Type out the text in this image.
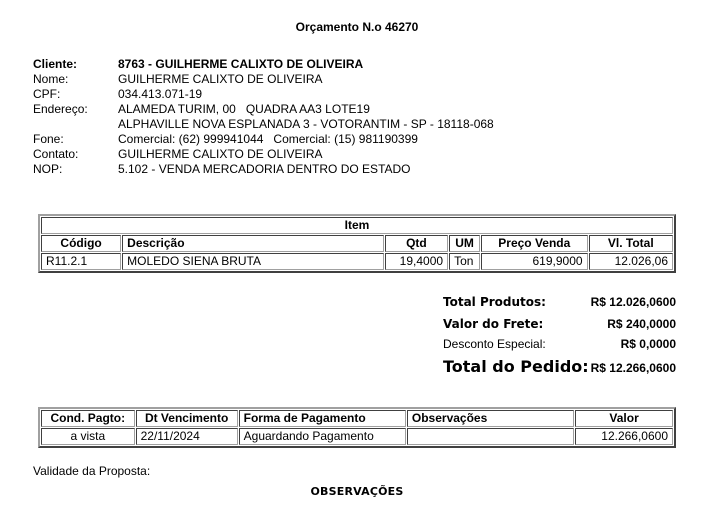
Orçamento N.o 46270
Cliente:	8763 - GUILHERME CALIXTO DE OLIVEIRA
Nome:	GUILHERME CALIXTO DE OLIVEIRA
CPF:	034.413.071-19
Endereço:	ALAMEDA TURIM, 00   QUADRA AA3 LOTE19
ALPHAVILLE NOVA ESPLANADA 3 - VOTORANTIM - SP - 18118-068
Fone:	Comercial: (62) 999941044   Comercial: (15) 981190399
Contato:	GUILHERME CALIXTO DE OLIVEIRA
NOP:	5.102 - VENDA MERCADORIA DENTRO DO ESTADO
Item					
Código	Descrição	Qtd	UM	Preço Venda	Vl. Total
R11.2.1	MOLEDO SIENA BRUTA	19,4000	Ton	619,9000	12.026,06
Total Produtos:	R$ 12.026,0600
Valor do Frete:	R$ 240,0000
Desconto Especial:	R$ 0,0000
Total do Pedido: R$ 12.266,0600
Cond. Pagto:	Dt Vencimento	Forma de Pagamento	Observações	Valor
a vista	22/11/2024	Aguardando Pagamento		12.266,0600
Validade da Proposta:
OBSERVAÇÕES
